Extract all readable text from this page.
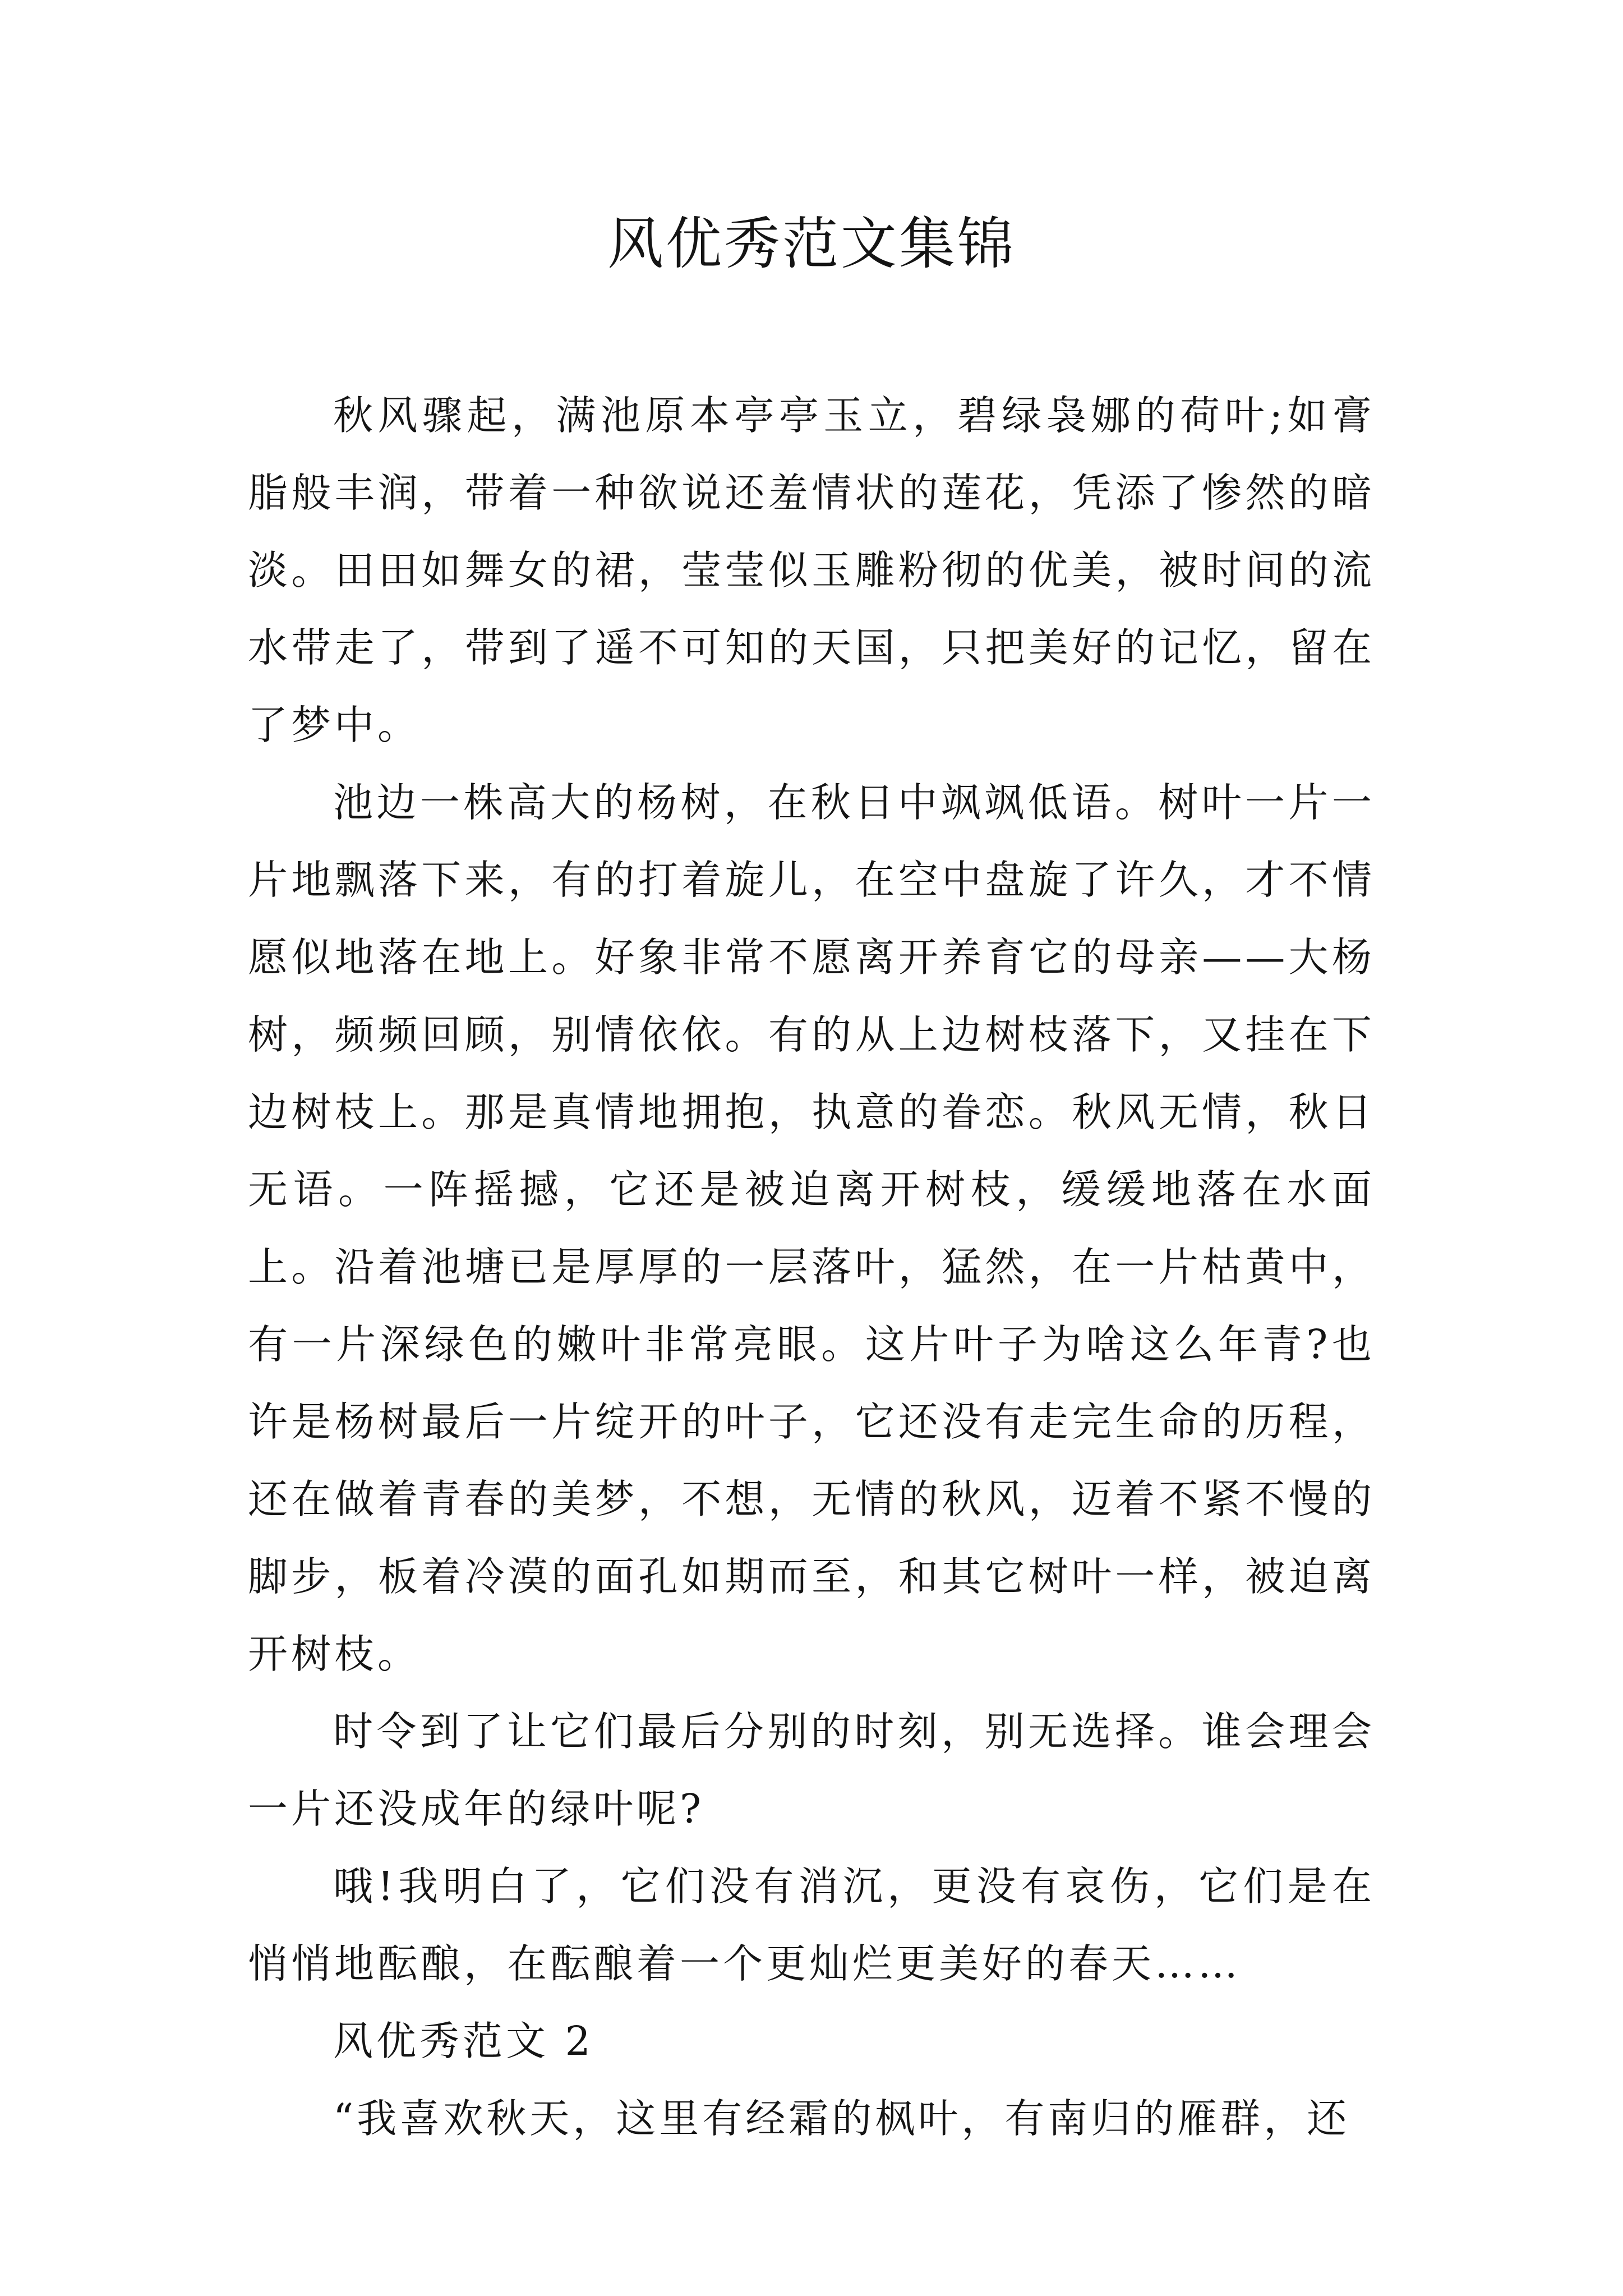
风优秀范文集锦

秋风骤起，满池原本亭亭玉立，碧绿袅娜的荷叶;如膏脂般丰润，带着一种欲说还羞情状的莲花，凭添了惨然的暗淡。田田如舞女的裙，莹莹似玉雕粉彻的优美，被时间的流水带走了，带到了遥不可知的天国，只把美好的记忆，留在了梦中。

池边一株高大的杨树，在秋日中飒飒低语。树叶一片一片地飘落下来，有的打着旋儿，在空中盘旋了许久，才不情愿似地落在地上。好象非常不愿离开养育它的母亲——大杨树，频频回顾，别情依依。有的从上边树枝落下，又挂在下边树枝上。那是真情地拥抱，执意的眷恋。秋风无情，秋日无语。一阵摇撼，它还是被迫离开树枝，缓缓地落在水面上。沿着池塘已是厚厚的一层落叶，猛然，在一片枯黄中，有一片深绿色的嫩叶非常亮眼。这片叶子为啥这么年青?也许是杨树最后一片绽开的叶子，它还没有走完生命的历程，还在做着青春的美梦，不想，无情的秋风，迈着不紧不慢的脚步，板着冷漠的面孔如期而至，和其它树叶一样，被迫离开树枝。

时令到了让它们最后分别的时刻，别无选择。谁会理会一片还没成年的绿叶呢?

哦!我明白了，它们没有消沉，更没有哀伤，它们是在悄悄地酝酿，在酝酿着一个更灿烂更美好的春天……

风优秀范文 2

“我喜欢秋天，这里有经霜的枫叶，有南归的雁群，还
